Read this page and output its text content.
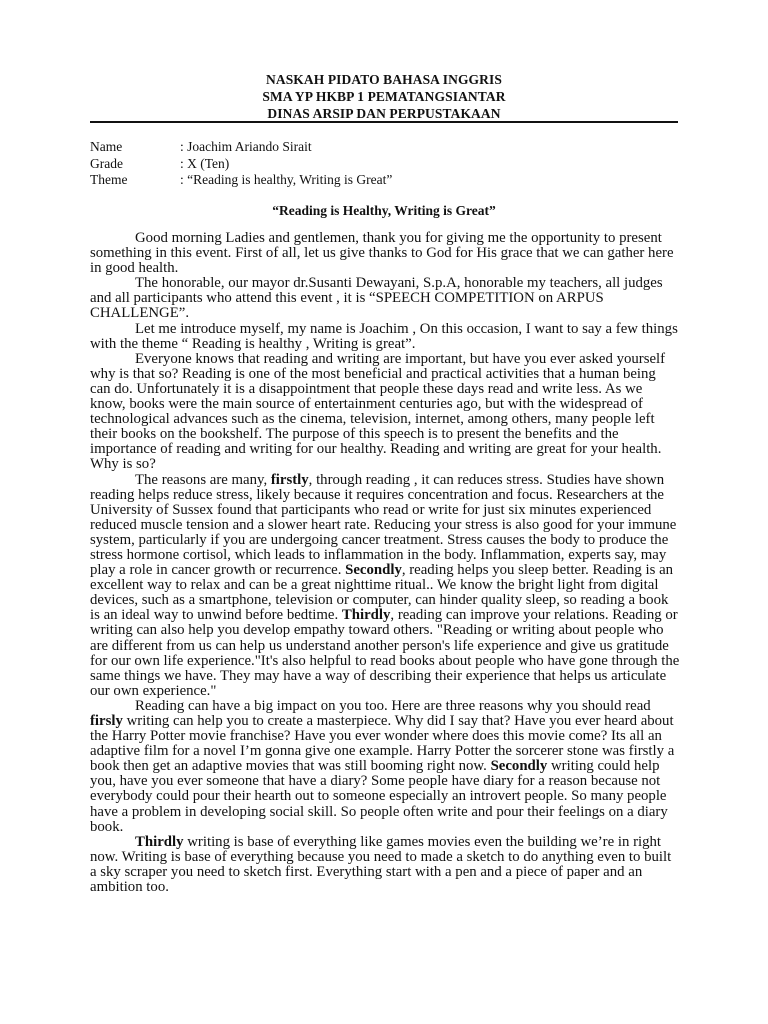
NASKAH PIDATO BAHASA INGGRIS
SMA YP HKBP 1 PEMATANGSIANTAR
DINAS ARSIP DAN PERPUSTAKAAN
Name	: Joachim Ariando Sirait
Grade	: X (Ten)
Theme	: “Reading is healthy, Writing is Great”
“Reading is Healthy, Writing is Great”

Good morning Ladies and gentlemen, thank you for giving me the opportunity to present something in this event. First of all, let us give thanks to God for His grace that we can gather here in good health.

The honorable, our mayor dr.Susanti Dewayani, S.p.A, honorable my teachers, all judges and all participants who attend this event , it is “SPEECH COMPETITION on ARPUS CHALLENGE”.

Let me introduce myself, my name is Joachim , On this occasion, I want to say a few things with the theme “ Reading is healthy , Writing is great”.

Everyone knows that reading and writing are important, but have you ever asked yourself why is that so? Reading is one of the most beneficial and practical activities that a human being can do. Unfortunately it is a disappointment that people these days read and write less. As we know, books were the main source of entertainment centuries ago, but with the widespread of technological advances such as the cinema, television, internet, among others, many people left their books on the bookshelf. The purpose of this speech is to present the benefits and the importance of reading and writing for our healthy. Reading and writing are great for your health. Why is so?

The reasons are many, firstly, through reading , it can reduces stress. Studies have shown reading helps reduce stress, likely because it requires concentration and focus. Researchers at the University of Sussex found that participants who read or write for just six minutes experienced reduced muscle tension and a slower heart rate. Reducing your stress is also good for your immune system, particularly if you are undergoing cancer treatment. Stress causes the body to produce the stress hormone cortisol, which leads to inflammation in the body. Inflammation, experts say, may play a role in cancer growth or recurrence. Secondly, reading helps you sleep better. Reading is an excellent way to relax and can be a great nighttime ritual.. We know the bright light from digital devices, such as a smartphone, television or computer, can hinder quality sleep, so reading a book is an ideal way to unwind before bedtime. Thirdly, reading can improve your relations. Reading or writing can also help you develop empathy toward others. "Reading or writing about people who are different from us can help us understand another person's life experience and give us gratitude for our own life experience."It's also helpful to read books about people who have gone through the same things we have. They may have a way of describing their experience that helps us articulate our own experience."

Reading can have a big impact on you too. Here are three reasons why you should read firsly writing can help you to create a masterpiece. Why did I say that? Have you ever heard about the Harry Potter movie franchise? Have you ever wonder where does this movie come? Its all an adaptive film for a novel I’m gonna give one example. Harry Potter the sorcerer stone was firstly a book then get an adaptive movies that was still booming right now. Secondly writing could help you, have you ever someone that have a diary? Some people have diary for a reason because not everybody could pour their hearth out to someone especially an introvert people. So many people have a problem in developing social skill. So people often write and pour their feelings on a diary book.

Thirdly writing is base of everything like games movies even the building we’re in right now. Writing is base of everything because you need to made a sketch to do anything even to built a sky scraper you need to sketch first. Everything start with a pen and a piece of paper and an ambition too.
